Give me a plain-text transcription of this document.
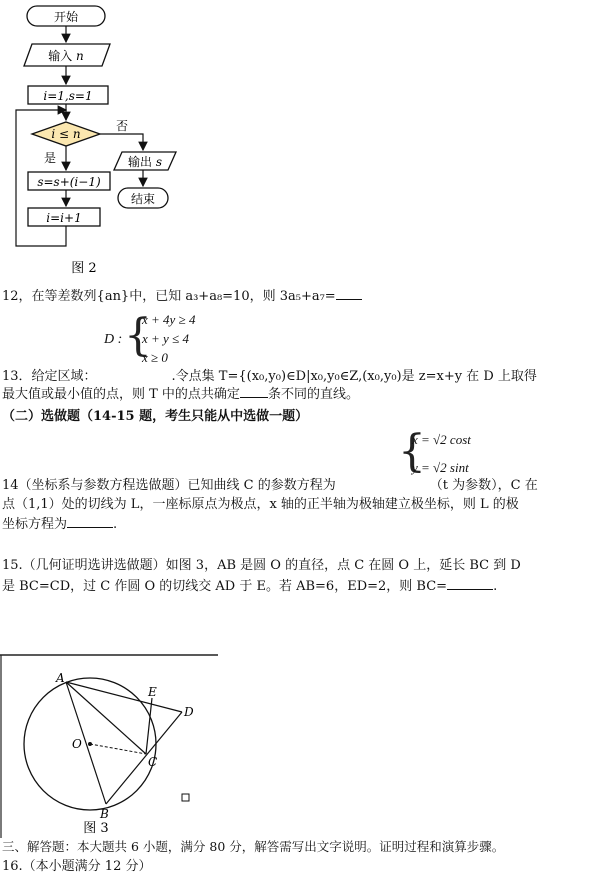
开始
输入 n
i=1,s=1
i ≤ n
否
输出 s
结束
是
s=s+(i−1)
i=i+1
图 2
12，在等差数列{an}中，已知 a₃+a₈=10，则 3a₅+a₇=
D : {
x + 4y ≥ 4
x + y ≤ 4
x ≥ 0
13．给定区域：	.令点集 T={(x₀,y₀)∈D|x₀,y₀∈Z,(x₀,y₀)是 z=x+y 在 D 上取得
最大值或最小值的点，则 T 中的点共确定 条不同的直线。
（二）选做题（14-15 题，考生只能从中选做一题）
{
x = √2 cost
y = √2 sint
14（坐标系与参数方程选做题）已知曲线 C 的参数方程为	（t 为参数），C 在
点（1,1）处的切线为 L，一座标原点为极点，x 轴的正半轴为极轴建立极坐标，则 L 的极
坐标方程为	.
15.（几何证明选讲选做题）如图 3，AB 是圆 O 的直径，点 C 在圆 O 上，延长 BC 到 D
是 BC=CD，过 C 作圆 O 的切线交 AD 于 E。若 AB=6，ED=2，则 BC=	.
A
E
D
O
C
B
图 3
三、解答题：本大题共 6 小题，满分 80 分，解答需写出文字说明。证明过程和演算步骤。
16.（本小题满分 12 分）
